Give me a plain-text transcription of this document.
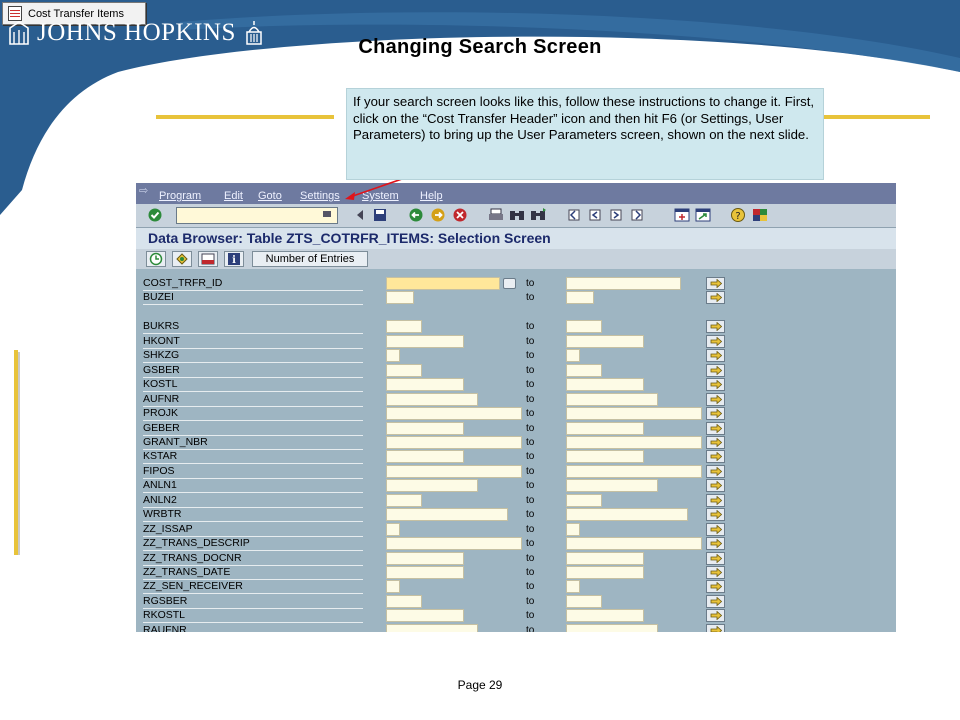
Cost Transfer Items
JOHNS HOPKINS
Changing Search Screen
⇨ Program Edit Goto Settings System Help
?
Data Browser: Table ZTS_COTRFR_ITEMS: Selection Screen
i	Number of Entries
COST_TRFR_ID	to
BUZEI	to
BUKRS	to
HKONT	to
SHKZG	to
GSBER	to
KOSTL	to
AUFNR	to
PROJK	to
GEBER	to
GRANT_NBR	to
KSTAR	to
FIPOS	to
ANLN1	to
ANLN2	to
WRBTR	to
ZZ_ISSAP	to
ZZ_TRANS_DESCRIP	to
ZZ_TRANS_DOCNR	to
ZZ_TRANS_DATE	to
ZZ_SEN_RECEIVER	to
RGSBER	to
RKOSTL	to
RAUFNR	to
If your search screen looks like this, follow these instructions to change it. First, click on the “Cost Transfer Header” icon and then hit F6 (or Settings, User Parameters) to bring up the User Parameters screen, shown on the next slide.
Page 29
